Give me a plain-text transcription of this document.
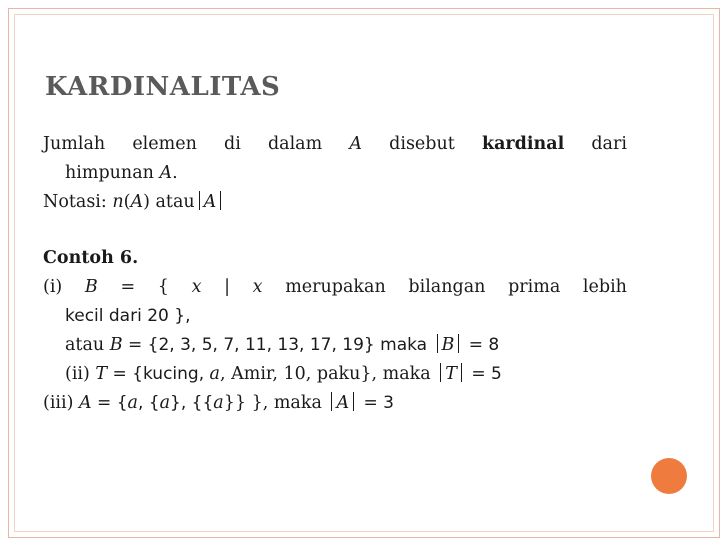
KARDINALITAS
Jumlah elemen di dalam A disebut kardinal dari
himpunan A.
Notasi: n(A) atau A
Contoh 6.
(i) B = { x | x merupakan bilangan prima lebih
kecil dari 20 },
atau B = {2, 3, 5, 7, 11, 13, 17, 19} maka B = 8
(ii) T = {kucing, a, Amir, 10, paku}, maka T = 5
(iii) A = {a, {a}, {{a}} }, maka A = 3
